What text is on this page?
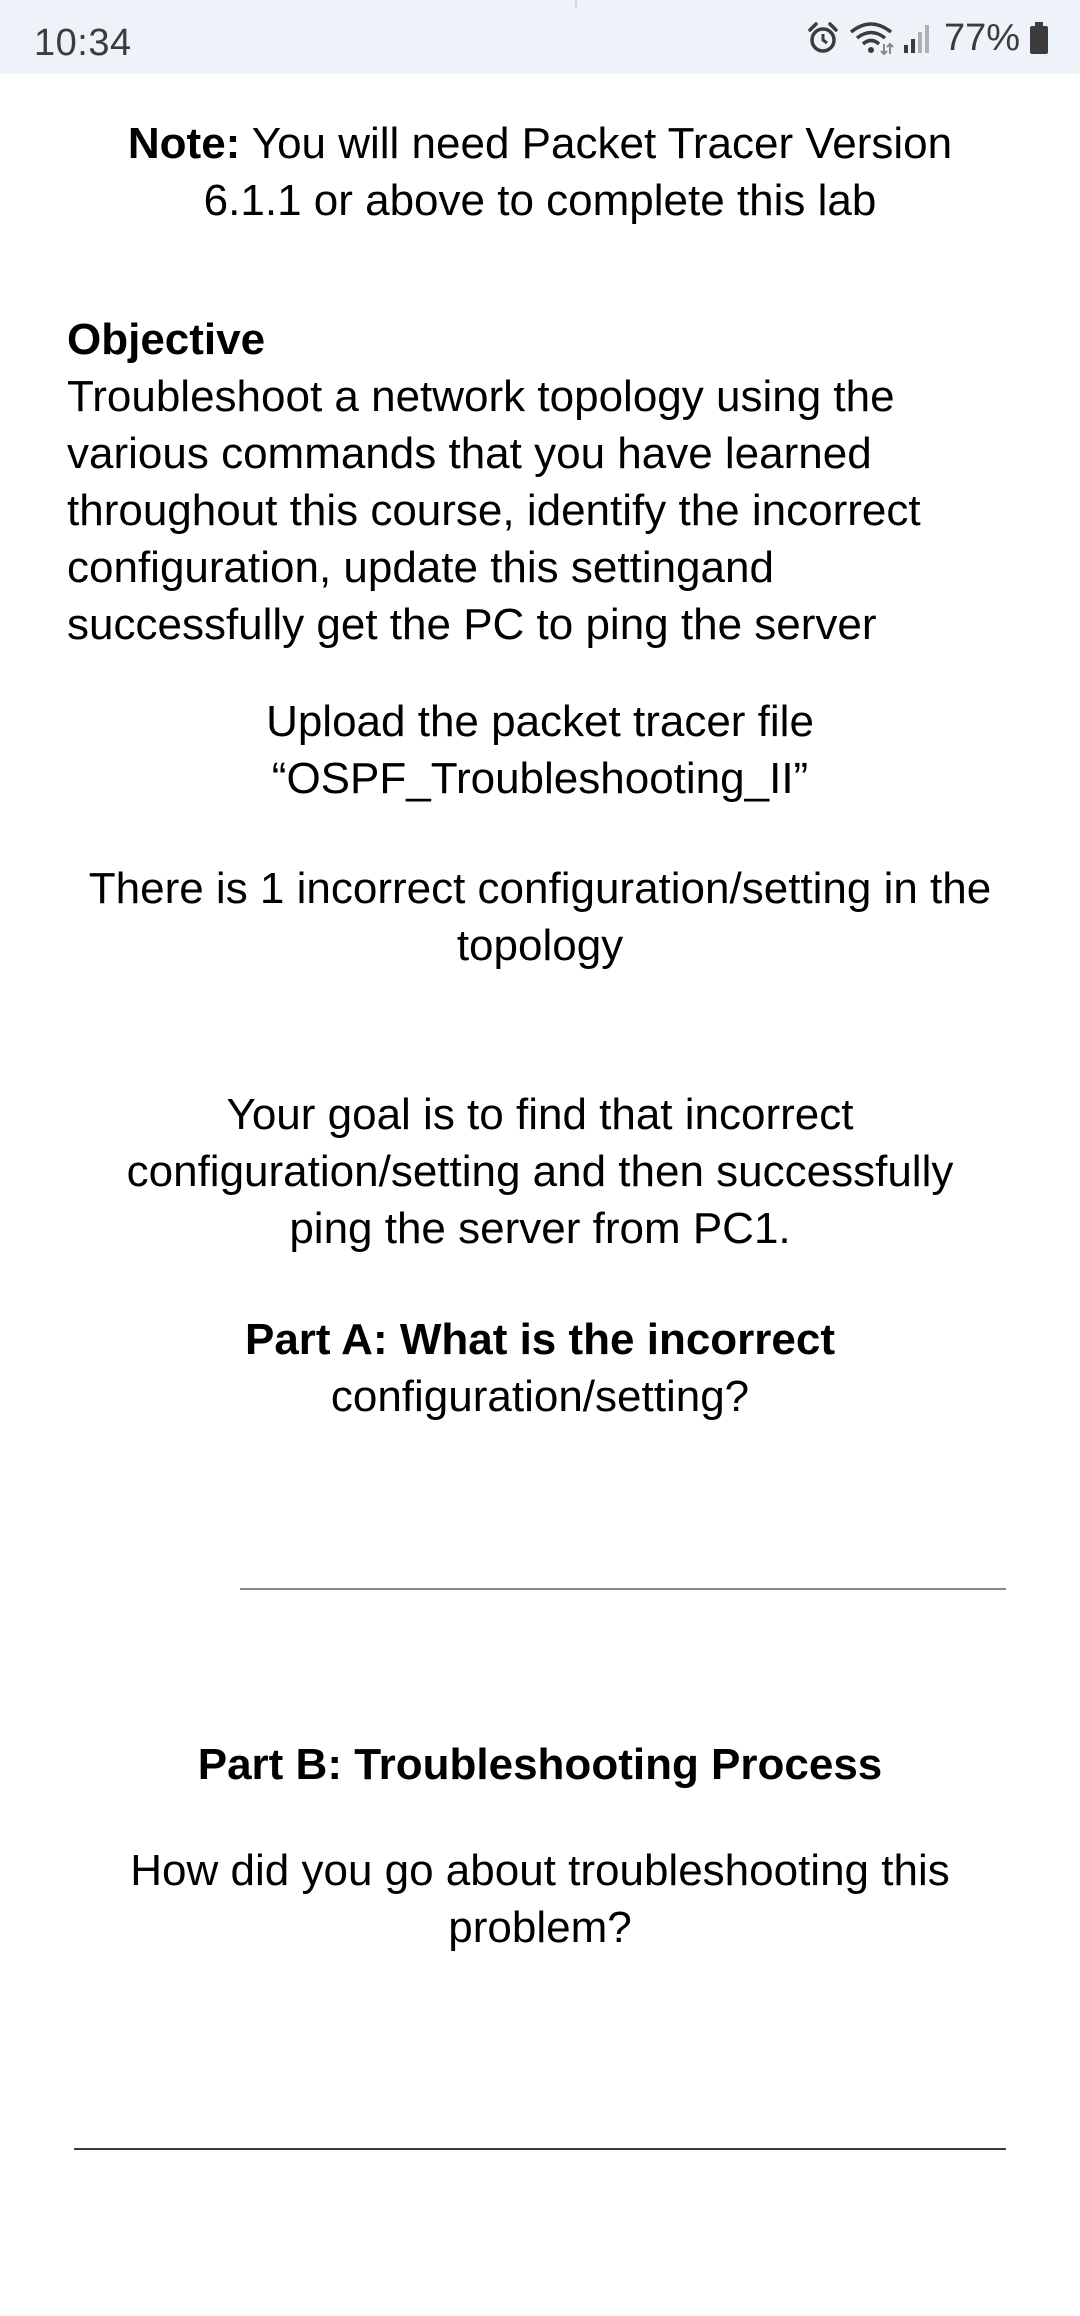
10:34	77%
Note: You will need Packet Tracer Version
6.1.1 or above to complete this lab
Objective
Troubleshoot a network topology using the
various commands that you have learned
throughout this course, identify the incorrect
configuration, update this settingand
successfully get the PC to ping the server
Upload the packet tracer file
“OSPF_Troubleshooting_II”
There is 1 incorrect configuration/setting in the
topology
Your goal is to find that incorrect
configuration/setting and then successfully
ping the server from PC1.
Part A: What is the incorrect
configuration/setting?
Part B: Troubleshooting Process
How did you go about troubleshooting this
problem?
